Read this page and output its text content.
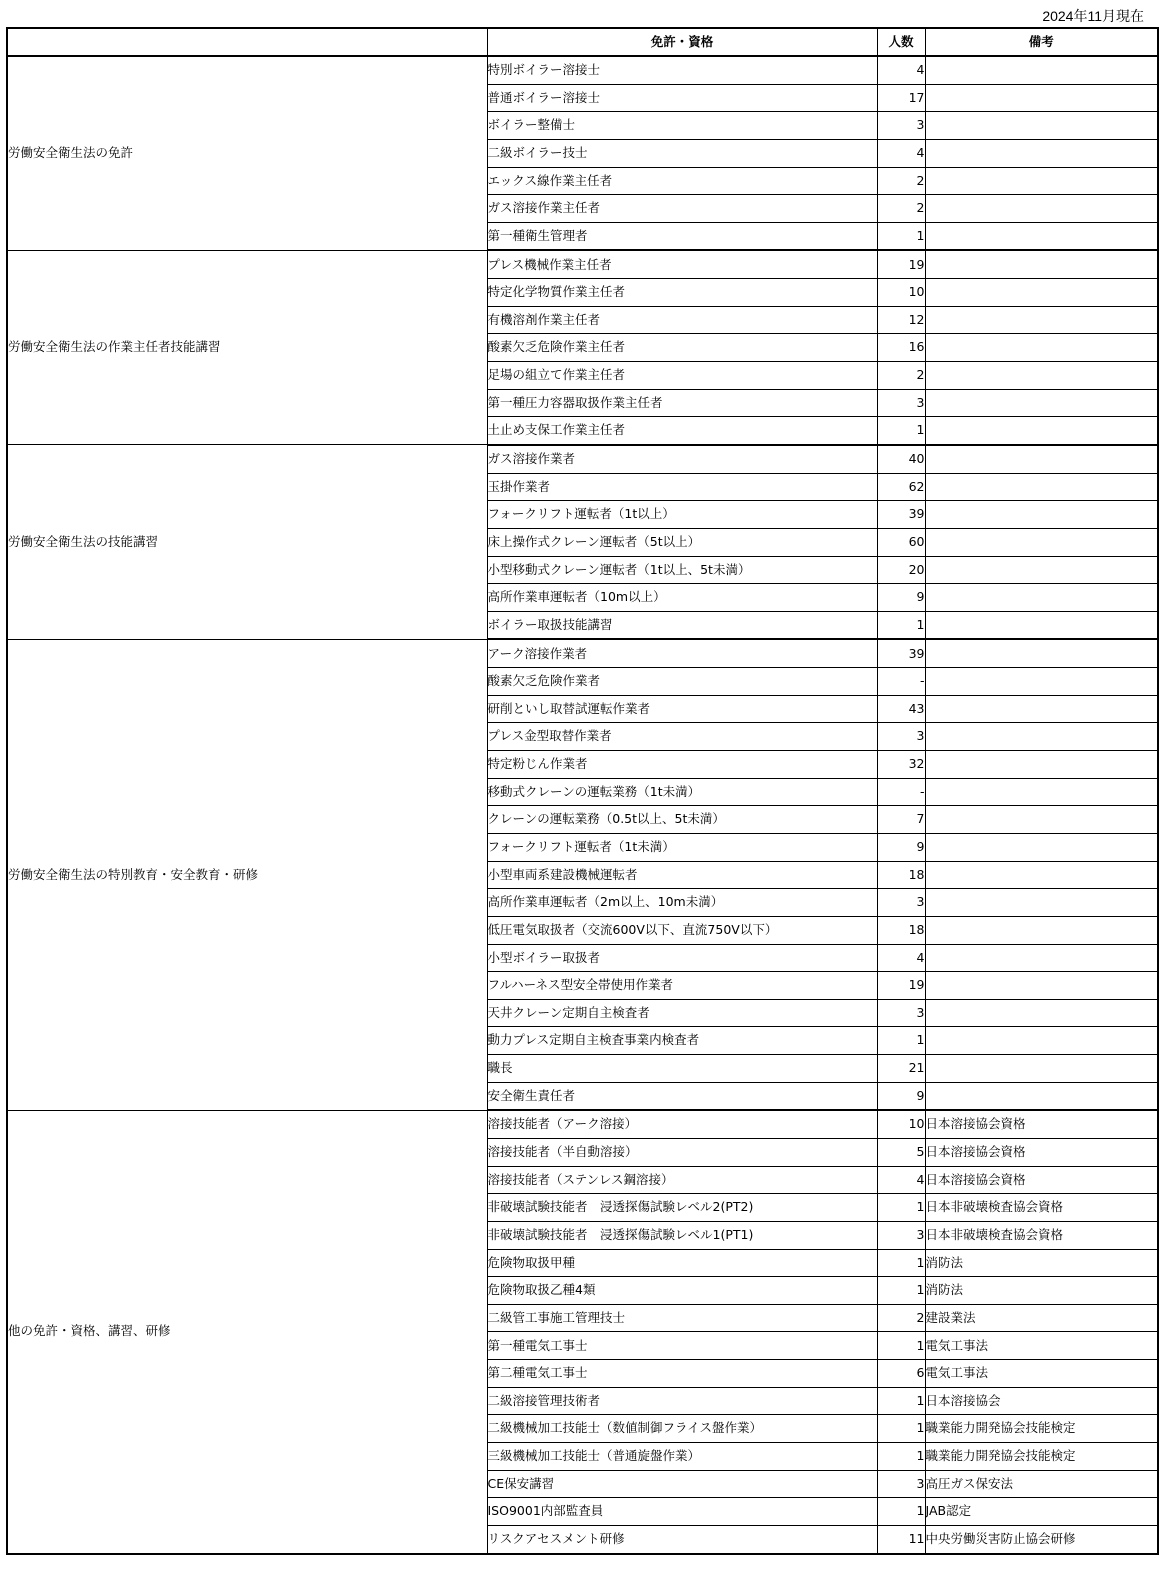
2024年11月現在
	免許・資格	人数	備考
労働安全衛生法の免許	特別ボイラー溶接士	4	
	普通ボイラー溶接士	17	
	ボイラー整備士	3	
	二級ボイラー技士	4	
	エックス線作業主任者	2	
	ガス溶接作業主任者	2	
	第一種衛生管理者	1	
労働安全衛生法の作業主任者技能講習	プレス機械作業主任者	19	
	特定化学物質作業主任者	10	
	有機溶剤作業主任者	12	
	酸素欠乏危険作業主任者	16	
	足場の組立て作業主任者	2	
	第一種圧力容器取扱作業主任者	3	
	土止め支保工作業主任者	1	
労働安全衛生法の技能講習	ガス溶接作業者	40	
	玉掛作業者	62	
	フォークリフト運転者（1t以上）	39	
	床上操作式クレーン運転者（5t以上）	60	
	小型移動式クレーン運転者（1t以上、5t未満）	20	
	高所作業車運転者（10m以上）	9	
	ボイラー取扱技能講習	1	
労働安全衛生法の特別教育・安全教育・研修	アーク溶接作業者	39	
	酸素欠乏危険作業者	-	
	研削といし取替試運転作業者	43	
	プレス金型取替作業者	3	
	特定粉じん作業者	32	
	移動式クレーンの運転業務（1t未満）	-	
	クレーンの運転業務（0.5t以上、5t未満）	7	
	フォークリフト運転者（1t未満）	9	
	小型車両系建設機械運転者	18	
	高所作業車運転者（2m以上、10m未満）	3	
	低圧電気取扱者（交流600V以下、直流750V以下）	18	
	小型ボイラー取扱者	4	
	フルハーネス型安全帯使用作業者	19	
	天井クレーン定期自主検査者	3	
	動力プレス定期自主検査事業内検査者	1	
	職長	21	
	安全衛生責任者	9	
他の免許・資格、講習、研修	溶接技能者（アーク溶接）	10	日本溶接協会資格
	溶接技能者（半自動溶接）	5	日本溶接協会資格
	溶接技能者（ステンレス鋼溶接）	4	日本溶接協会資格
	非破壊試験技能者　浸透探傷試験レベル2(PT2)	1	日本非破壊検査協会資格
	非破壊試験技能者　浸透探傷試験レベル1(PT1)	3	日本非破壊検査協会資格
	危険物取扱甲種	1	消防法
	危険物取扱乙種4類	1	消防法
	二級管工事施工管理技士	2	建設業法
	第一種電気工事士	1	電気工事法
	第二種電気工事士	6	電気工事法
	二級溶接管理技術者	1	日本溶接協会
	二級機械加工技能士（数値制御フライス盤作業）	1	職業能力開発協会技能検定
	三級機械加工技能士（普通旋盤作業）	1	職業能力開発協会技能検定
	CE保安講習	3	高圧ガス保安法
	ISO9001内部監査員	1	JAB認定
	リスクアセスメント研修	11	中央労働災害防止協会研修
